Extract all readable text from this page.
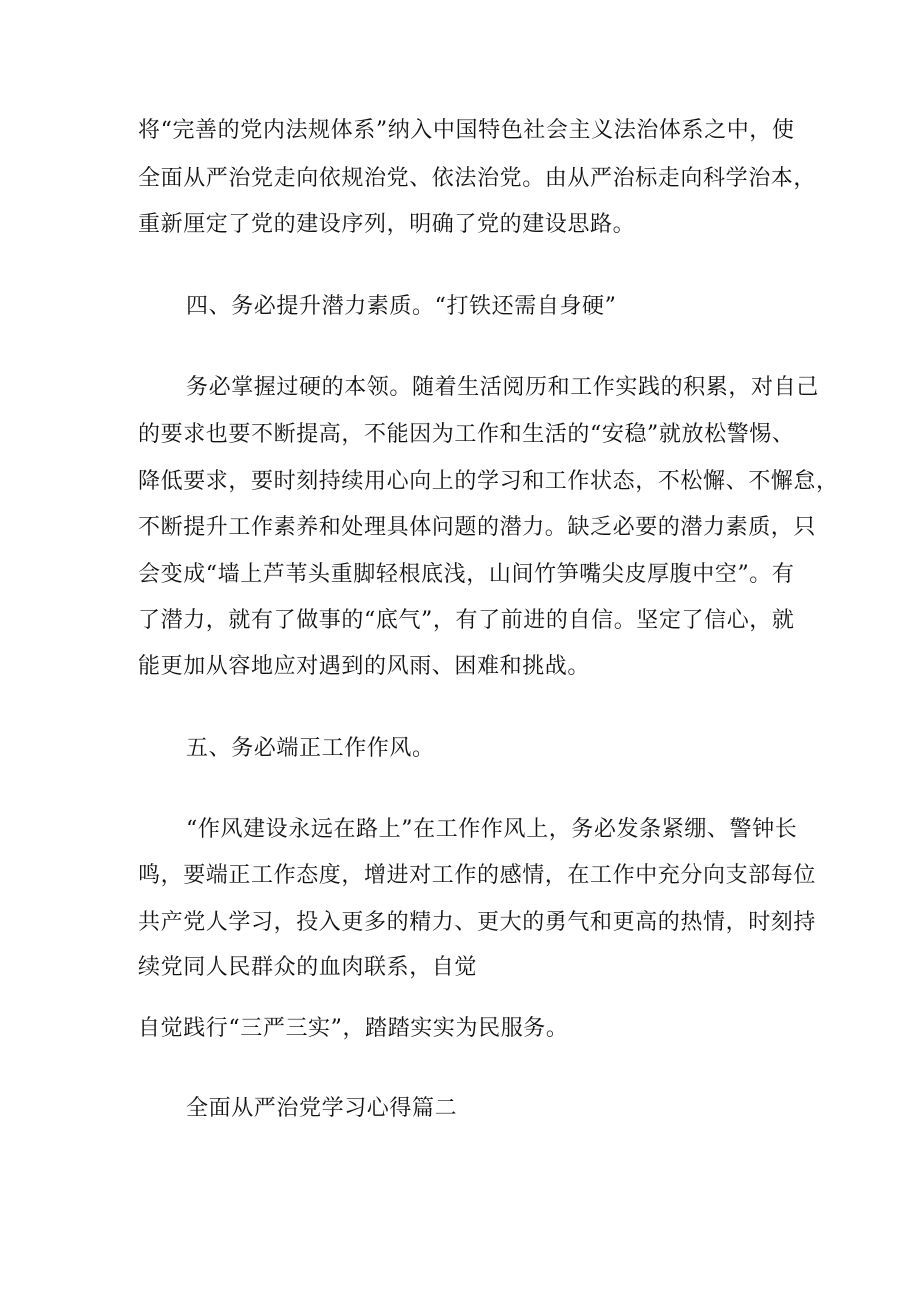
将“完善的党内法规体系”纳入中国特色社会主义法治体系之中，使
全面从严治党走向依规治党、依法治党。由从严治标走向科学治本，
重新厘定了党的建设序列，明确了党的建设思路。
四、务必提升潜力素质。“打铁还需自身硬”
务必掌握过硬的本领。随着生活阅历和工作实践的积累，对自己
的要求也要不断提高，不能因为工作和生活的“安稳”就放松警惕、
降低要求，要时刻持续用心向上的学习和工作状态，不松懈、不懈怠，
不断提升工作素养和处理具体问题的潜力。缺乏必要的潜力素质，只
会变成“墙上芦苇头重脚轻根底浅，山间竹笋嘴尖皮厚腹中空”。有
了潜力，就有了做事的“底气”，有了前进的自信。坚定了信心，就
能更加从容地应对遇到的风雨、困难和挑战。
五、务必端正工作作风。
“作风建设永远在路上”在工作作风上，务必发条紧绷、警钟长
鸣，要端正工作态度，增进对工作的感情，在工作中充分向支部每位
共产党人学习，投入更多的精力、更大的勇气和更高的热情，时刻持
续党同人民群众的血肉联系，自觉
自觉践行“三严三实”，踏踏实实为民服务。
全面从严治党学习心得篇二
